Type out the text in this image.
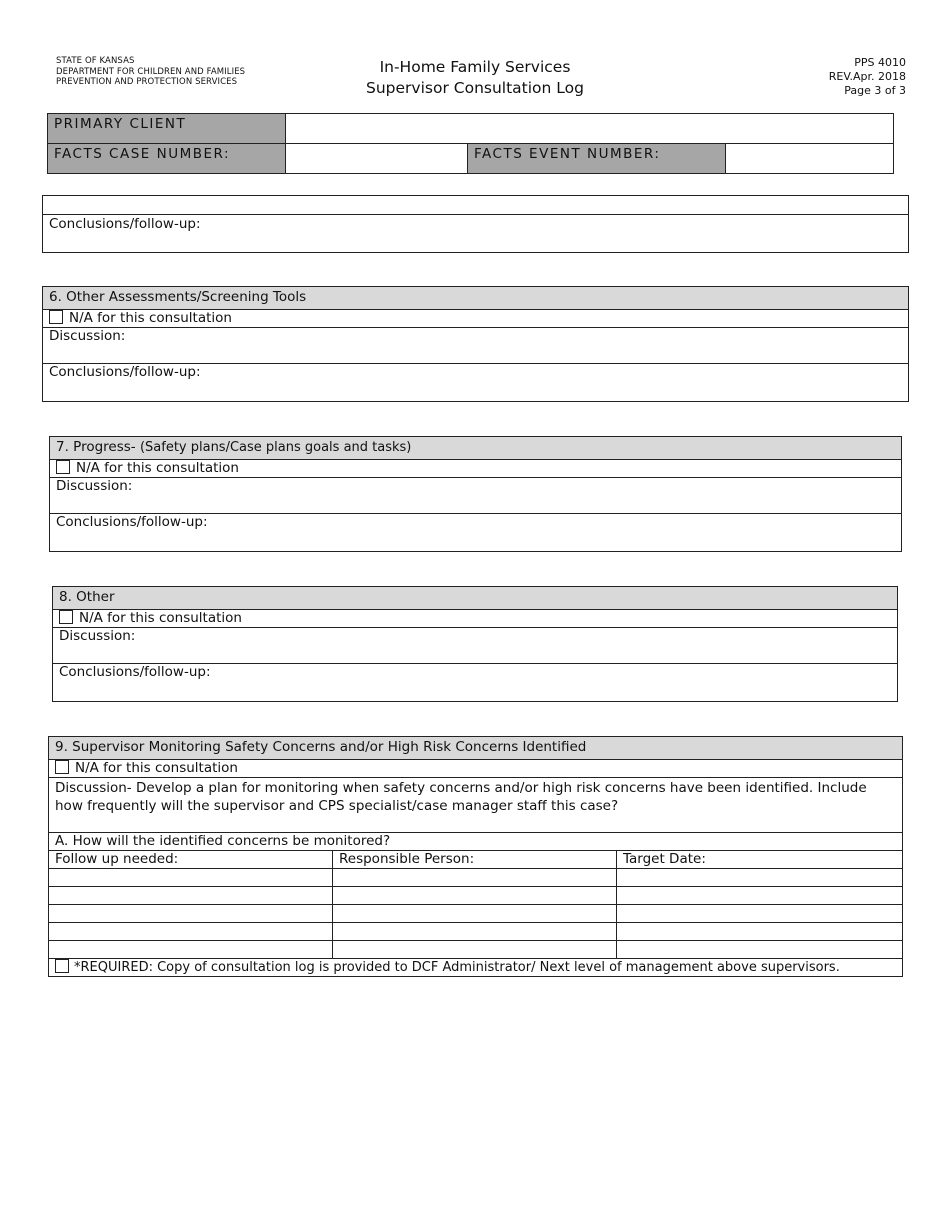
STATE OF KANSAS
DEPARTMENT FOR CHILDREN AND FAMILIES
PREVENTION AND PROTECTION SERVICES
In-Home Family Services
Supervisor Consultation Log
PPS 4010
REV.Apr. 2018
Page 3 of 3
PRIMARY CLIENT			
FACTS CASE NUMBER:		FACTS EVENT NUMBER:	

Conclusions/follow-up:
6. Other Assessments/Screening Tools
N/A for this consultation
Discussion:
Conclusions/follow-up:
7. Progress- (Safety plans/Case plans goals and tasks)
N/A for this consultation
Discussion:
Conclusions/follow-up:
8. Other
N/A for this consultation
Discussion:
Conclusions/follow-up:
9. Supervisor Monitoring Safety Concerns and/or High Risk Concerns Identified		
N/A for this consultation		
Discussion- Develop a plan for monitoring when safety concerns and/or high risk concerns have been identified. Include how frequently will the supervisor and CPS specialist/case manager staff this case?		
A. How will the identified concerns be monitored?		
Follow up needed:	Responsible Person:	Target Date:

*REQUIRED: Copy of consultation log is provided to DCF Administrator/ Next level of management above supervisors.		
